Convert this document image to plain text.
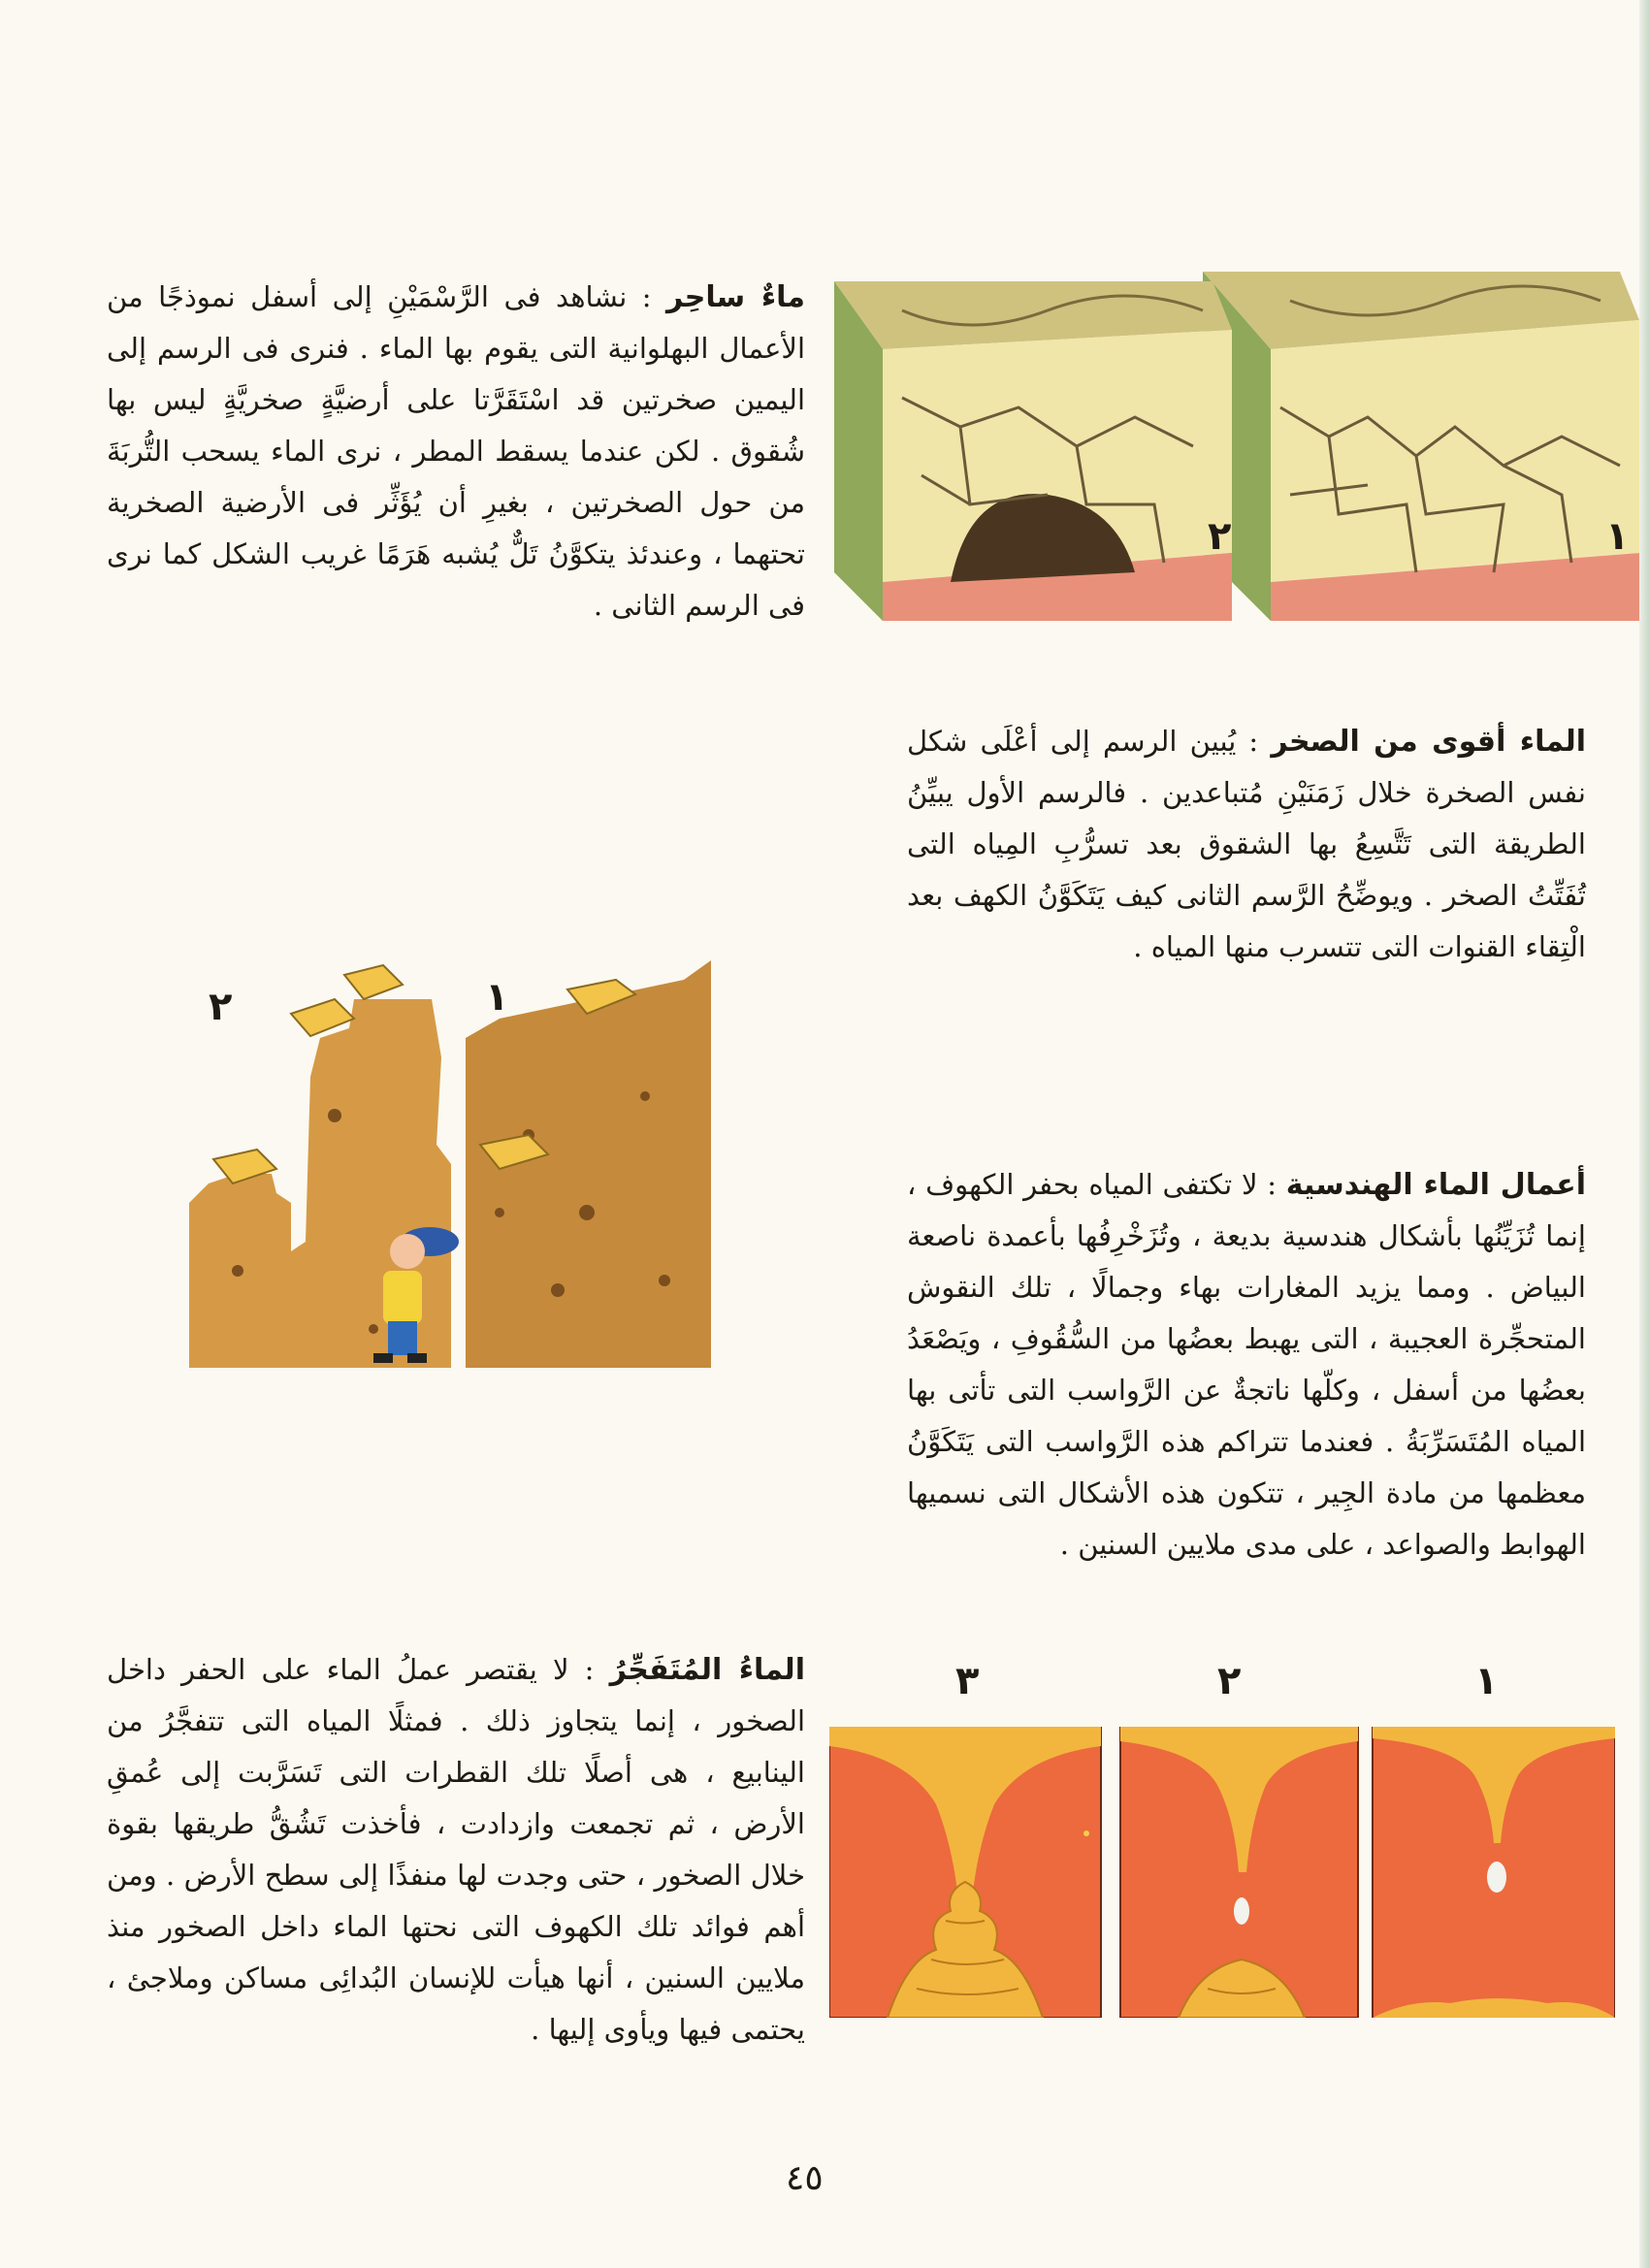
١
٢

ماءٌ ساحِر : نشاهد فى الرَّسْمَيْنِ إلى أسفل نموذجًا من الأعمال البهلوانية التى يقوم بها الماء . فنرى فى الرسم إلى اليمين صخرتين قد اسْتَقَرَّتا على أرضيَّةٍ صخريَّةٍ ليس بها شُقوق . لكن عندما يسقط المطر ، نرى الماء يسحب التُّربَةَ من حول الصخرتين ، بغيرِ أن يُؤَثِّر فى الأرضية الصخرية تحتهما ، وعندئذ يتكوَّنُ تَلٌّ يُشبه هَرَمًا غريب الشكل كما نرى فى الرسم الثانى .

الماء أقوى من الصخر : يُبين الرسم إلى أعْلَى شكل نفس الصخرة خلال زَمَنَيْنِ مُتباعدين . فالرسم الأول يبيِّنُ الطريقة التى تَتَّسِعُ بها الشقوق بعد تسرُّبِ المِياه التى تُفَتِّتُ الصخر . ويوضِّحُ الرَّسم الثانى كيف يَتَكَوَّنُ الكهف بعد الْتِقاء القنوات التى تتسرب منها المياه .

١
٢

أعمال الماء الهندسية : لا تكتفى المياه بحفر الكهوف ، إنما تُزَيِّنُها بأشكال هندسية بديعة ، وتُزَخْرِفُها بأعمدة ناصعة البياض . ومما يزيد المغارات بهاء وجمالًا ، تلك النقوش المتحجِّرة العجيبة ، التى يهبط بعضُها من السُّقُوفِ ، ويَصْعَدُ بعضُها من أسفل ، وكلّها ناتجةٌ عن الرَّواسب التى تأتى بها المياه المُتَسَرِّبَةُ . فعندما تتراكم هذه الرَّواسب التى يَتَكَوَّنُ معظمها من مادة الجِير ، تتكون هذه الأشكال التى نسميها الهوابط والصواعد ، على مدى ملايين السنين .

١
٢
٣

الماءُ المُتَفَجِّرُ : لا يقتصر عملُ الماء على الحفر داخل الصخور ، إنما يتجاوز ذلك . فمثلًا المياه التى تتفجَّرُ من الينابيع ، هى أصلًا تلك القطرات التى تَسَرَّبت إلى عُمقِ الأرض ، ثم تجمعت وازدادت ، فأخذت تَشُقُّ طريقها بقوة خلال الصخور ، حتى وجدت لها منفذًا إلى سطح الأرض . ومن أهم فوائد تلك الكهوف التى نحتها الماء داخل الصخور منذ ملايين السنين ، أنها هيأت للإنسان البُدائِى مساكن وملاجئ ، يحتمى فيها ويأوى إليها .

٤٥
